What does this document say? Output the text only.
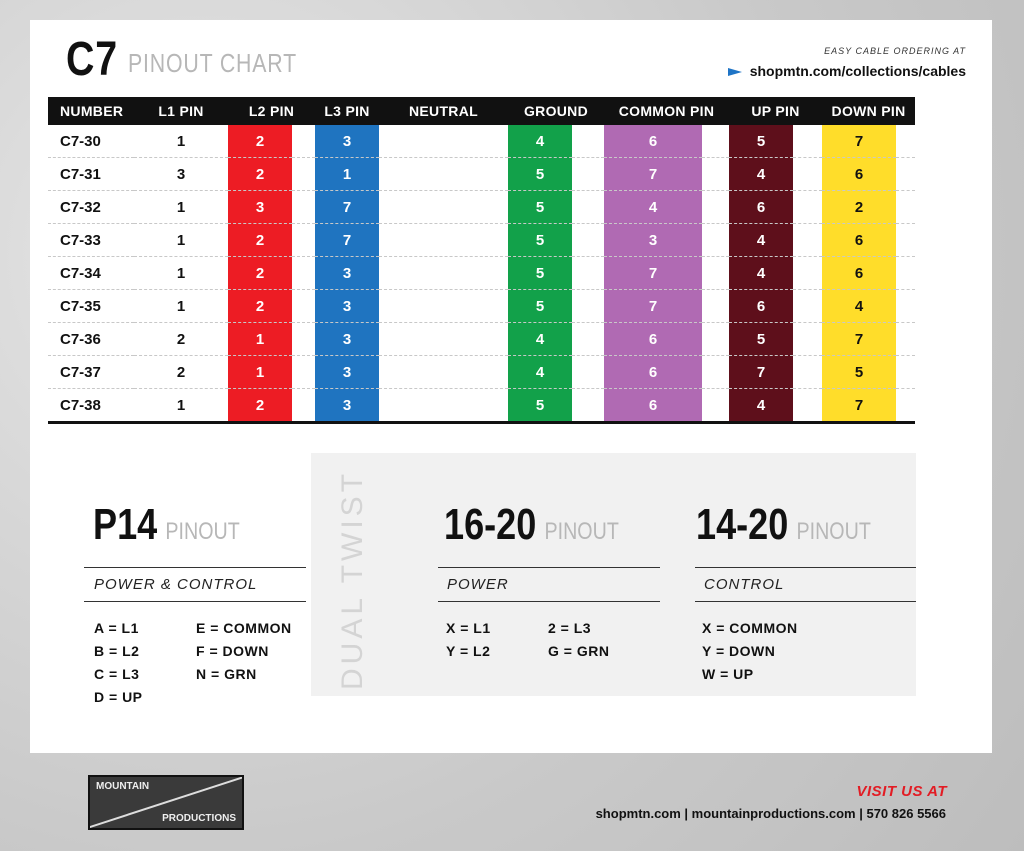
C7 PINOUT CHART	EASY CABLE ORDERING AT
shopmtn.com/collections/cables
NUMBER	L1 PIN	L2 PIN		L3 PIN	NEUTRAL	GROUND		COMMON PIN		UP PIN		DOWN PIN	
C7-30	1	2		3		4		6		5		7	
C7-31	3	2		1		5		7		4		6	
C7-32	1	3		7		5		4		6		2	
C7-33	1	2		7		5		3		4		6	
C7-34	1	2		3		5		7		4		6	
C7-35	1	2		3		5		7		6		4	
C7-36	2	1		3		4		6		5		7	
C7-37	2	1		3		4		6		7		5	
C7-38	1	2		3		5		6		4		7	
DUAL TWIST
P14 PINOUT
POWER & CONTROL
A = L1
B = L2
C = L3
D = UP
E = COMMON
F = DOWN
N = GRN
16-20 PINOUT
POWER
X = L1
Y = L2
2 = L3
G = GRN
14-20 PINOUT
CONTROL
X = COMMON
Y = DOWN
W = UP
MOUNTAIN
PRODUCTIONS
VISIT US AT
shopmtn.com | mountainproductions.com | 570 826 5566
